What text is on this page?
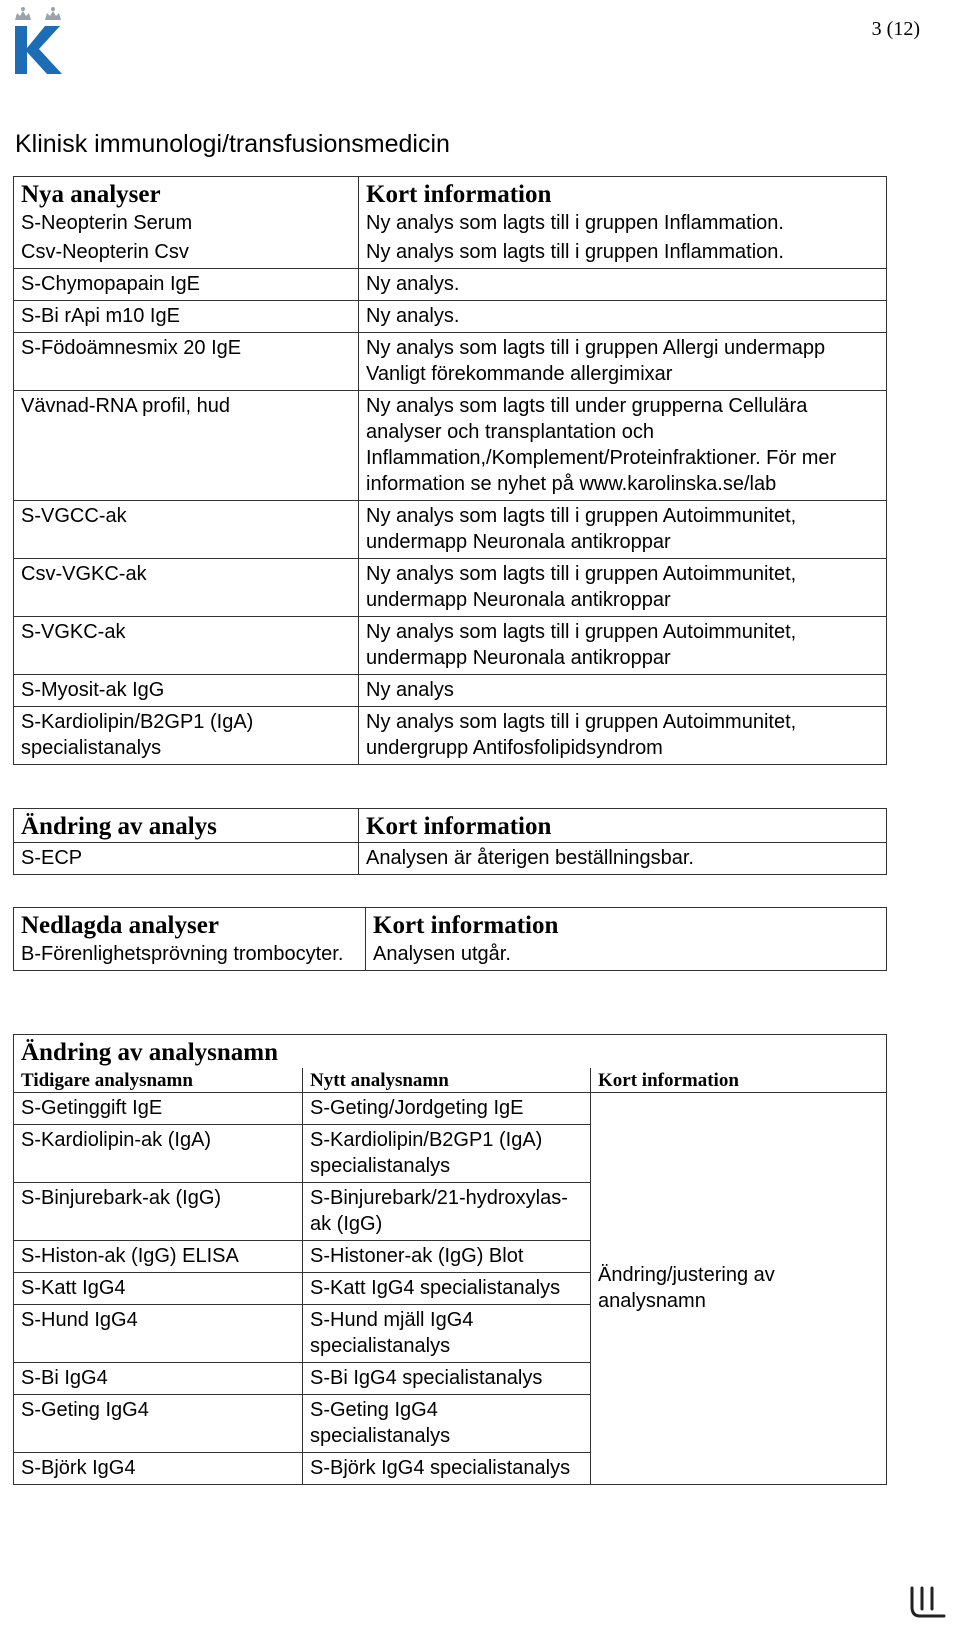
3 (12)
Klinisk immunologi/transfusionsmedicin
Nya analyser	Kort information
S-Neopterin Serum	Ny analys som lagts till i gruppen Inflammation.
Csv-Neopterin Csv	Ny analys som lagts till i gruppen Inflammation.
S-Chymopapain IgE	Ny analys.
S-Bi rApi m10 IgE	Ny analys.
S-Födoämnesmix 20 IgE	Ny analys som lagts till i gruppen Allergi undermapp Vanligt förekommande allergimixar
Vävnad-RNA profil, hud	Ny analys som lagts till under grupperna Cellulära analyser och transplantation och Inflammation,/Komplement/Proteinfraktioner. För mer information se nyhet på www.karolinska.se/lab
S-VGCC-ak	Ny analys som lagts till i gruppen Autoimmunitet, undermapp Neuronala antikroppar
Csv-VGKC-ak	Ny analys som lagts till i gruppen Autoimmunitet, undermapp Neuronala antikroppar
S-VGKC-ak	Ny analys som lagts till i gruppen Autoimmunitet, undermapp Neuronala antikroppar
S-Myosit-ak IgG	Ny analys
S-Kardiolipin/B2GP1 (IgA) specialistanalys	Ny analys som lagts till i gruppen Autoimmunitet, undergrupp Antifosfolipidsyndrom
Ändring av analys	Kort information
S-ECP	Analysen är återigen beställningsbar.
Nedlagda analyser	Kort information
B-Förenlighetsprövning trombocyter.	Analysen utgår.
Ändring av analysnamn		
Tidigare analysnamn	Nytt analysnamn	Kort information
S-Getinggift IgE	S-Geting/Jordgeting IgE	Ändring/justering av analysnamn
S-Kardiolipin-ak (IgA)	S-Kardiolipin/B2GP1 (IgA) specialistanalys	
S-Binjurebark-ak (IgG)	S-Binjurebark/21-hydroxylas-ak (IgG)	
S-Histon-ak (IgG) ELISA	S-Histoner-ak (IgG) Blot	
S-Katt IgG4	S-Katt IgG4 specialistanalys	
S-Hund IgG4	S-Hund mjäll IgG4 specialistanalys	
S-Bi IgG4	S-Bi IgG4 specialistanalys	
S-Geting IgG4	S-Geting IgG4 specialistanalys	
S-Björk IgG4	S-Björk IgG4 specialistanalys	
